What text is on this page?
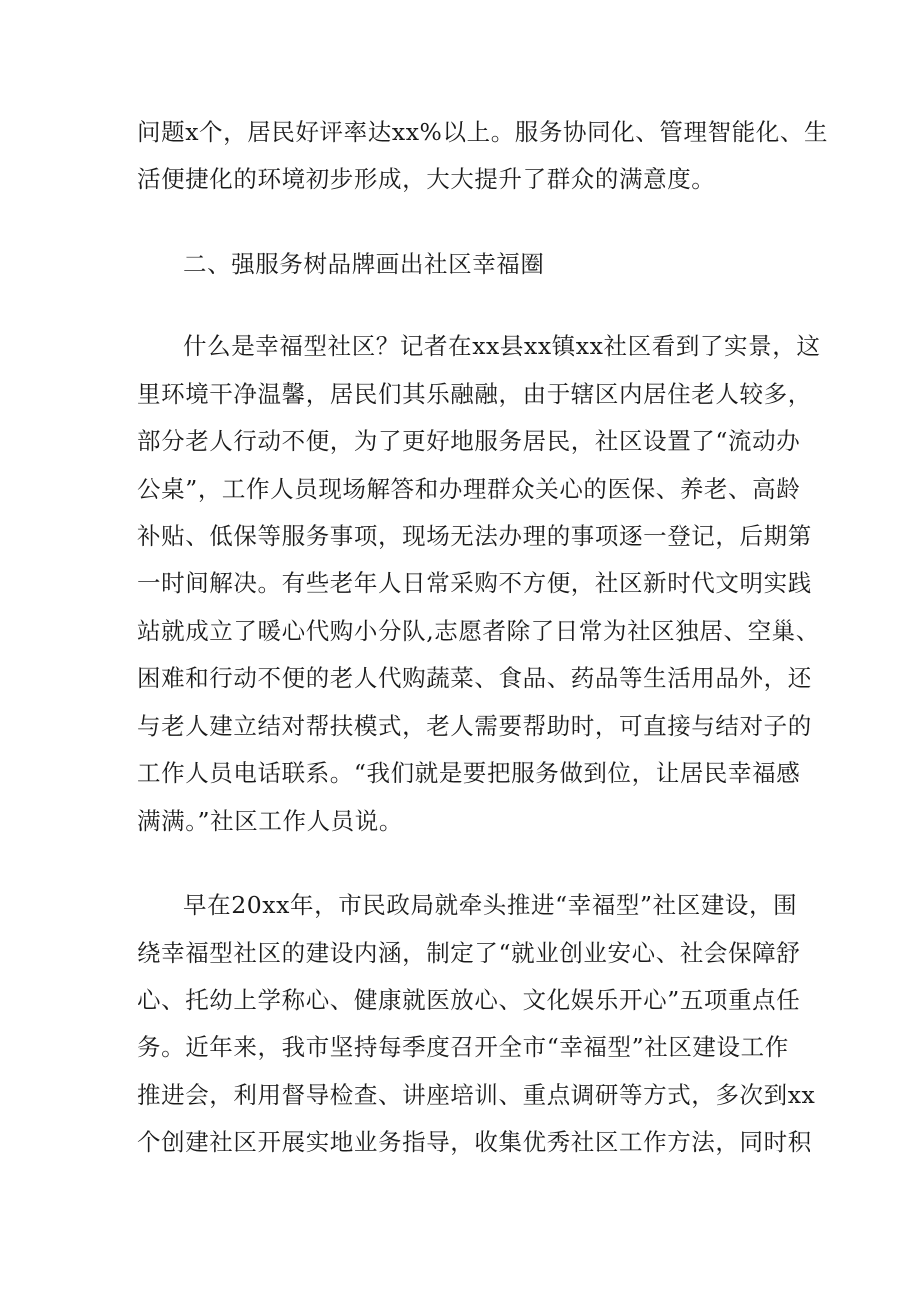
问题x个，居民好评率达xx%以上。服务协同化、管理智能化、生
活便捷化的环境初步形成，大大提升了群众的满意度。
二、强服务树品牌画出社区幸福圈
什么是幸福型社区？记者在xx县xx镇xx社区看到了实景，这
里环境干净温馨，居民们其乐融融，由于辖区内居住老人较多，
部分老人行动不便，为了更好地服务居民，社区设置了“流动办
公桌”，工作人员现场解答和办理群众关心的医保、养老、高龄
补贴、低保等服务事项，现场无法办理的事项逐一登记，后期第
一时间解决。有些老年人日常采购不方便，社区新时代文明实践
站就成立了暖心代购小分队,志愿者除了日常为社区独居、空巢、
困难和行动不便的老人代购蔬菜、食品、药品等生活用品外，还
与老人建立结对帮扶模式，老人需要帮助时，可直接与结对子的
工作人员电话联系。“我们就是要把服务做到位，让居民幸福感
满满。”社区工作人员说。
早在20xx年，市民政局就牵头推进“幸福型”社区建设，围
绕幸福型社区的建设内涵，制定了“就业创业安心、社会保障舒
心、托幼上学称心、健康就医放心、文化娱乐开心”五项重点任
务。近年来，我市坚持每季度召开全市“幸福型”社区建设工作
推进会，利用督导检查、讲座培训、重点调研等方式，多次到xx
个创建社区开展实地业务指导，收集优秀社区工作方法，同时积
